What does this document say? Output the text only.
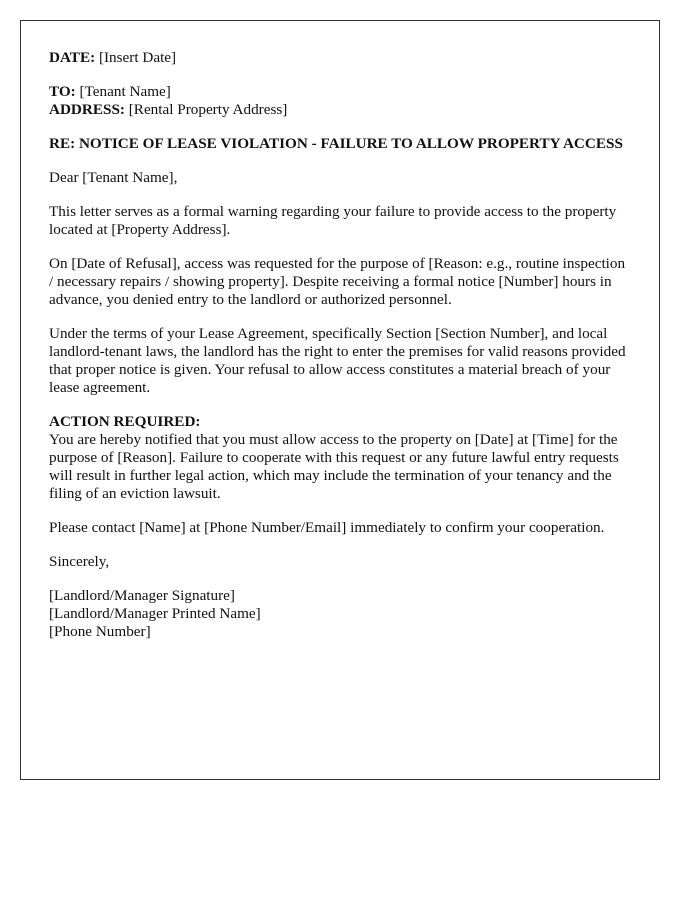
DATE: [Insert Date]

TO: [Tenant Name]
ADDRESS: [Rental Property Address]

RE: NOTICE OF LEASE VIOLATION - FAILURE TO ALLOW PROPERTY ACCESS

Dear [Tenant Name],

This letter serves as a formal warning regarding your failure to provide access to the property located at [Property Address].

On [Date of Refusal], access was requested for the purpose of [Reason: e.g., routine inspection / necessary repairs / showing property]. Despite receiving a formal notice [Number] hours in advance, you denied entry to the landlord or authorized personnel.

Under the terms of your Lease Agreement, specifically Section [Section Number], and local landlord-tenant laws, the landlord has the right to enter the premises for valid reasons provided that proper notice is given. Your refusal to allow access constitutes a material breach of your lease agreement.

ACTION REQUIRED:
You are hereby notified that you must allow access to the property on [Date] at [Time] for the purpose of [Reason]. Failure to cooperate with this request or any future lawful entry requests will result in further legal action, which may include the termination of your tenancy and the filing of an eviction lawsuit.

Please contact [Name] at [Phone Number/Email] immediately to confirm your cooperation.

Sincerely,

[Landlord/Manager Signature]
[Landlord/Manager Printed Name]
[Phone Number]
